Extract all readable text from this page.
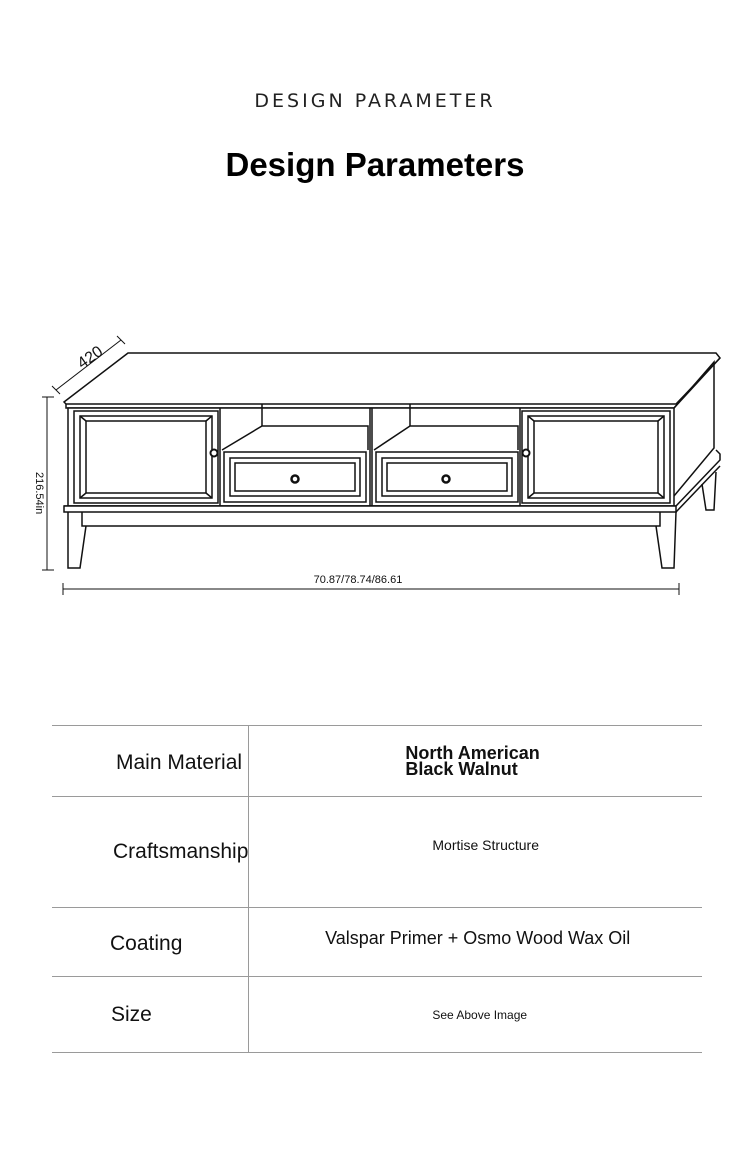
DESIGN PARAMETER
Design Parameters
420
216.54in
70.87/78.74/86.61
Main Material	North American
Black Walnut

Craftsmanship	Mortise Structure

Coating	Valspar Primer + Osmo Wood Wax Oil

Size	See Above Image
